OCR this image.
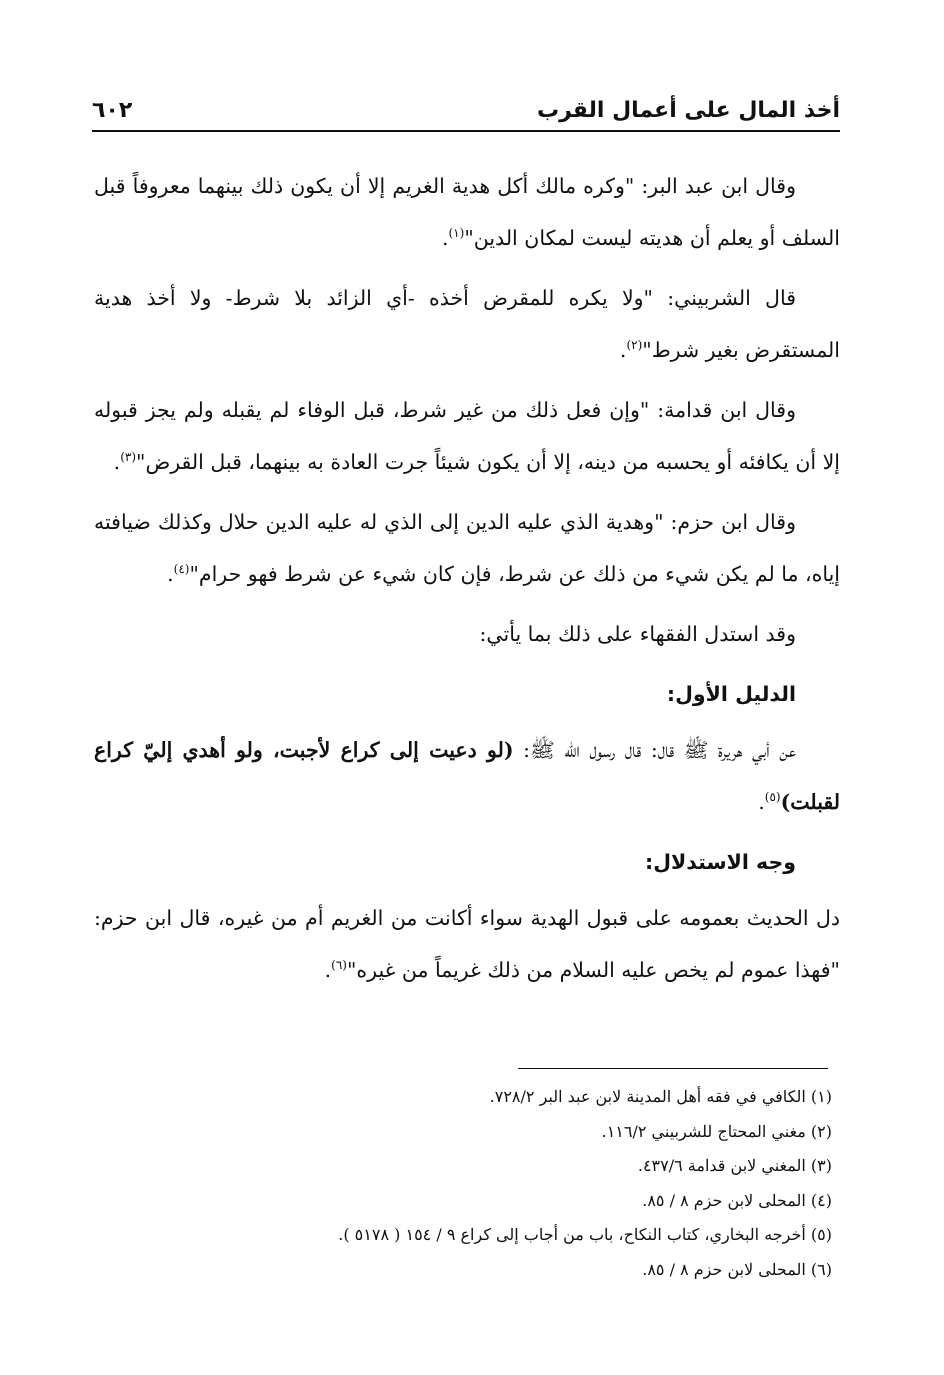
أخذ المال على أعمال القرب
٦٠٢

وقال ابن عبد البر: "وكره مالك أكل هدية الغريم إلا أن يكون ذلك بينهما معروفاً قبل السلف أو يعلم أن هديته ليست لمكان الدين"$^{(١)}$.

قال الشربيني: "ولا يكره للمقرض أخذه -أي الزائد بلا شرط- ولا أخذ هدية المستقرض بغير شرط"$^{(٢)}$.

وقال ابن قدامة: "وإن فعل ذلك من غير شرط، قبل الوفاء لم يقبله ولم يجز قبوله إلا أن يكافئه أو يحسبه من دينه، إلا أن يكون شيئاً جرت العادة به بينهما، قبل القرض"$^{(٣)}$.

وقال ابن حزم: "وهدية الذي عليه الدين إلى الذي له عليه الدين حلال وكذلك ضيافته إياه، ما لم يكن شيء من ذلك عن شرط، فإن كان شيء عن شرط فهو حرام"$^{(٤)}$.

وقد استدل الفقهاء على ذلك بما يأتي:

الدليل الأول:

عن أبي هريرة ﷺ قال: قال رسول الله ﷺ: (لو دعيت إلى كراع لأجبت، ولو أهدي إليّ كراع لقبلت)$^{(٥)}$.

وجه الاستدلال:

دل الحديث بعمومه على قبول الهدية سواء أكانت من الغريم أم من غيره، قال ابن حزم: "فهذا عموم لم يخص عليه السلام من ذلك غريماً من غيره"$^{(٦)}$.

(١) الكافي في فقه أهل المدينة لابن عبد البر ٧٢٨/٢.
(٢) مغني المحتاج للشربيني ١١٦/٢.
(٣) المغني لابن قدامة ٤٣٧/٦.
(٤) المحلى لابن حزم ٨ / ٨٥.
(٥) أخرجه البخاري، كتاب النكاح، باب من أجاب إلى كراع ٩ / ١٥٤ ( ٥١٧٨ ).
(٦) المحلى لابن حزم ٨ / ٨٥.
